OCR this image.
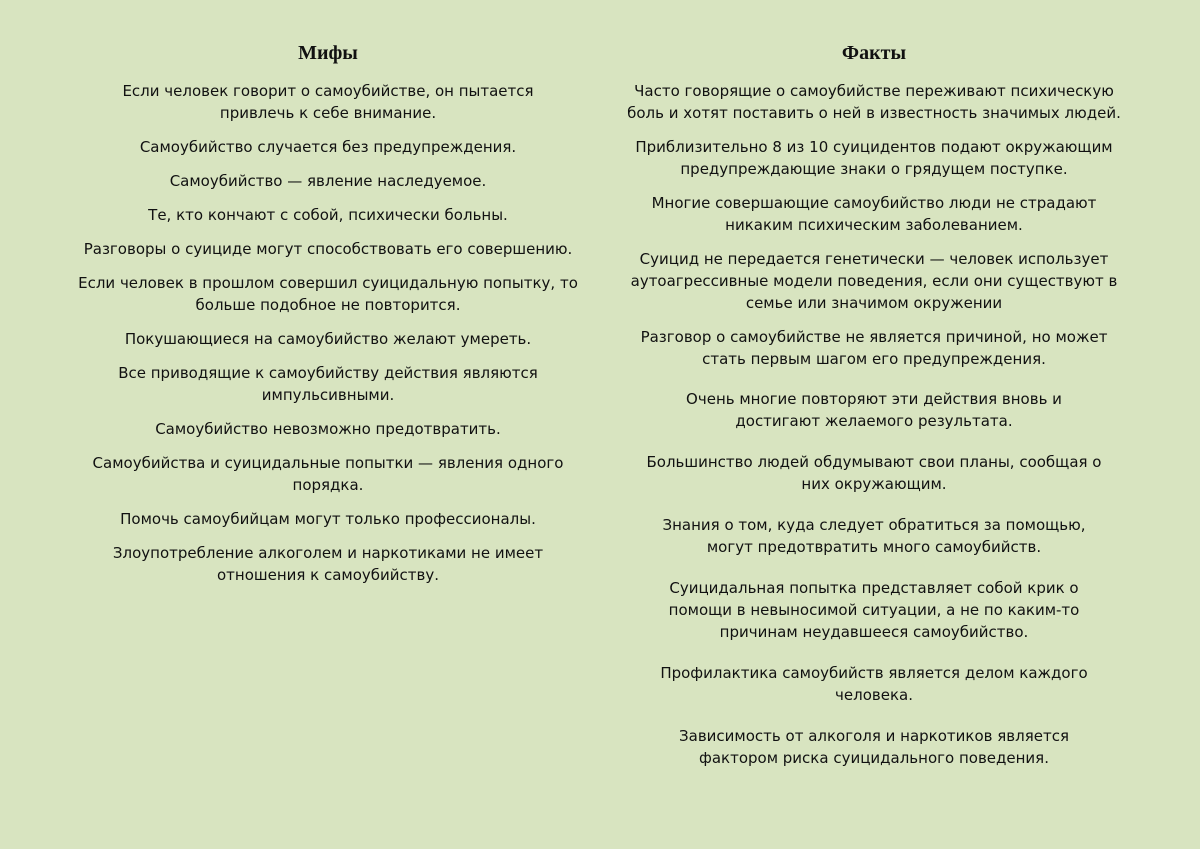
Мифы

Если человек говорит о самоубийстве, он пытается привлечь к себе внимание.

Самоубийство случается без предупреждения.

Самоубийство — явление наследуемое.

Те, кто кончают с собой, психически больны.

Разговоры о суициде могут способствовать его совершению.

Если человек в прошлом совершил суицидальную попытку, то больше подобное не повторится.

Покушающиеся на самоубийство желают умереть.

Все приводящие к самоубийству действия являются импульсивными.

Самоубийство невозможно предотвратить.

Самоубийства и суицидальные попытки — явления одного порядка.

Помочь самоубийцам могут только профессионалы.

Злоупотребление алкоголем и наркотиками не имеет отношения к самоубийству.

Факты

Часто говорящие о самоубийстве переживают психическую боль и хотят поставить о ней в известность значимых людей.

Приблизительно 8 из 10 суицидентов подают окружающим предупреждающие знаки о грядущем поступке.

Многие совершающие самоубийство люди не страдают никаким психическим заболеванием.

Суицид не передается генетически — человек использует аутоагрессивные модели поведения, если они существуют в семье или значимом окружении

Разговор о самоубийстве не является причиной, но может стать первым шагом его предупреждения.

Очень многие повторяют эти действия вновь и достигают желаемого результата.

Большинство людей обдумывают свои планы, сообщая о них окружающим.

Знания о том, куда следует обратиться за помощью, могут предотвратить много самоубийств.

Суицидальная попытка представляет собой крик о помощи в невыносимой ситуации, а не по каким-то причинам неудавшееся самоубийство.

Профилактика самоубийств является делом каждого человека.

Зависимость от алкоголя и наркотиков является фактором риска суицидального поведения.
